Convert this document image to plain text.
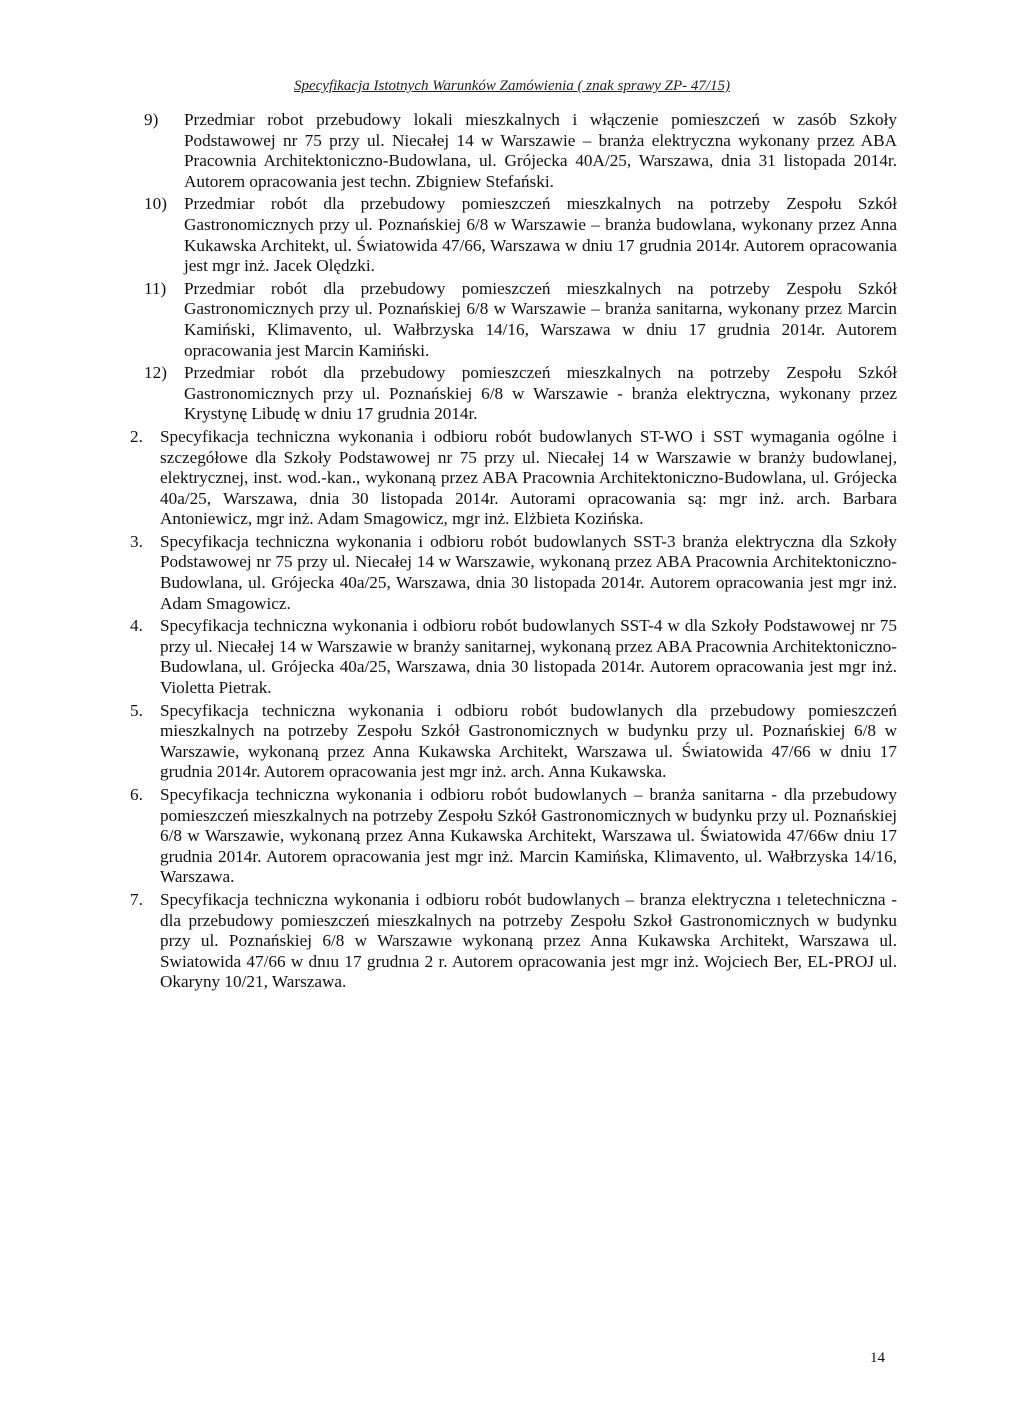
Specyfikacja Istotnych Warunków Zamówienia ( znak sprawy ZP- 47/15)
9)	Przedmiar robot przebudowy lokali mieszkalnych i włączenie pomieszczeń w zasób Szkoły Podstawowej nr 75 przy ul. Niecałej 14 w Warszawie – branża elektryczna wykonany przez ABA Pracownia Architektoniczno-Budowlana, ul. Grójecka 40A/25, Warszawa, dnia 31 listopada 2014r. Autorem opracowania jest techn. Zbigniew Stefański.
10) Przedmiar robót dla przebudowy pomieszczeń mieszkalnych na potrzeby Zespołu Szkół Gastronomicznych przy ul. Poznańskiej 6/8 w Warszawie – branża budowlana, wykonany przez Anna Kukawska Architekt, ul. Światowida 47/66, Warszawa w dniu 17 grudnia 2014r. Autorem opracowania jest mgr inż. Jacek Olędzki.
11)	Przedmiar robót dla przebudowy pomieszczeń mieszkalnych na potrzeby Zespołu Szkół Gastronomicznych przy ul. Poznańskiej 6/8 w Warszawie – branża sanitarna, wykonany przez Marcin Kamiński, Klimavento, ul. Wałbrzyska 14/16, Warszawa w dniu 17 grudnia 2014r. Autorem opracowania jest Marcin Kamiński.
12) Przedmiar robót dla przebudowy pomieszczeń mieszkalnych na potrzeby Zespołu Szkół Gastronomicznych przy ul. Poznańskiej 6/8 w Warszawie - branża elektryczna, wykonany przez Krystynę Libudę w dniu 17 grudnia 2014r.
2. Specyfikacja techniczna wykonania i odbioru robót budowlanych ST-WO i SST wymagania ogólne i szczegółowe dla Szkoły Podstawowej nr 75 przy ul. Niecałej 14 w Warszawie w branży budowlanej, elektrycznej, inst. wod.-kan., wykonaną przez ABA Pracownia Architektoniczno-Budowlana, ul. Grójecka 40a/25, Warszawa, dnia 30 listopada 2014r. Autorami opracowania są: mgr inż. arch. Barbara Antoniewicz, mgr inż. Adam Smagowicz, mgr inż. Elżbieta Kozińska.
3. Specyfikacja techniczna wykonania i odbioru robót budowlanych SST-3 branża elektryczna dla Szkoły Podstawowej nr 75 przy ul. Niecałej 14 w Warszawie, wykonaną przez ABA Pracownia Architektoniczno-Budowlana, ul. Grójecka 40a/25, Warszawa, dnia 30 listopada 2014r. Autorem opracowania jest mgr inż. Adam Smagowicz.
4. Specyfikacja techniczna wykonania i odbioru robót budowlanych SST-4 w dla Szkoły Podstawowej nr 75 przy ul. Niecałej 14 w Warszawie w branży sanitarnej, wykonaną przez ABA Pracownia Architektoniczno-Budowlana, ul. Grójecka 40a/25, Warszawa, dnia 30 listopada 2014r. Autorem opracowania jest mgr inż. Violetta Pietrak.
5. Specyfikacja techniczna wykonania i odbioru robót budowlanych dla przebudowy pomieszczeń mieszkalnych na potrzeby Zespołu Szkół Gastronomicznych w budynku przy ul. Poznańskiej 6/8 w Warszawie, wykonaną przez Anna Kukawska Architekt, Warszawa ul. Światowida 47/66 w dniu 17 grudnia 2014r. Autorem opracowania jest mgr inż. arch. Anna Kukawska.
6. Specyfikacja techniczna wykonania i odbioru robót budowlanych – branża sanitarna - dla przebudowy pomieszczeń mieszkalnych na potrzeby Zespołu Szkół Gastronomicznych w budynku przy ul. Poznańskiej 6/8 w Warszawie, wykonaną przez Anna Kukawska Architekt, Warszawa ul. Światowida 47/66w dniu 17 grudnia 2014r. Autorem opracowania jest mgr inż. Marcin Kamińska, Klimavento, ul. Wałbrzyska 14/16, Warszawa.
7. Specyfikacja techniczna wykonania i odbioru robót budowlanych – branza elektryczna ı teletechniczna - dla przebudowy pomieszczeń mieszkalnych na potrzeby Zespołu Szkoł Gastronomicznych w budynku przy ul. Poznańskiej 6/8 w Warszawıe wykonaną przez Anna Kukawska Architekt, Warszawa ul. Swiatowida 47/66 w dnıu 17 grudnıa 2 r. Autorem opracowania jest mgr inż. Wojciech Ber, EL-PROJ ul. Okaryny 10/21, Warszawa.
14
